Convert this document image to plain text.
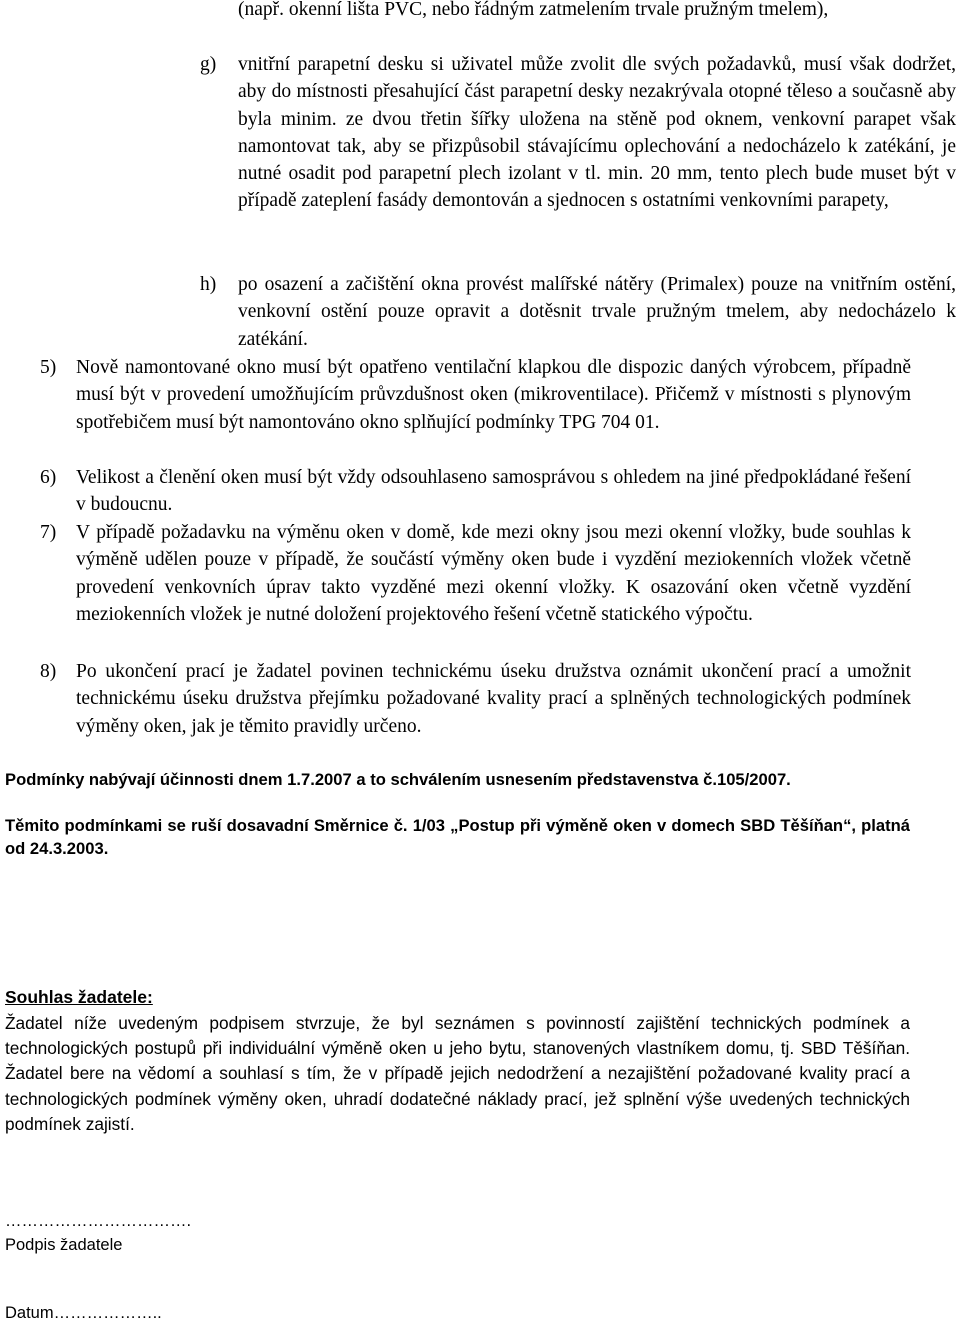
(např. okenní lišta PVC, nebo řádným zatmelením trvale pružným tmelem),
g) vnitřní parapetní desku si uživatel může zvolit dle svých požadavků, musí však dodržet, aby do místnosti přesahující část parapetní desky nezakrývala otopné těleso a současně aby byla minim. ze dvou třetin šířky uložena na stěně pod oknem, venkovní parapet však namontovat tak, aby se přizpůsobil stávajícímu oplechování a nedocházelo k zatékání, je nutné osadit pod parapetní plech izolant v tl. min. 20 mm, tento plech bude muset být v případě zateplení fasády demontován a sjednocen s ostatními venkovními parapety,
h) po osazení a začištění okna provést malířské nátěry (Primalex) pouze na vnitřním ostění, venkovní ostění pouze opravit a dotěsnit trvale pružným tmelem, aby nedocházelo k zatékání.
5) Nově namontované okno musí být opatřeno ventilační klapkou dle dispozic daných výrobcem, případně musí být v provedení umožňujícím průvzdušnost oken (mikroventilace). Přičemž v místnosti s plynovým spotřebičem musí být namontováno okno splňující podmínky TPG 704 01.
6) Velikost a členění oken musí být vždy odsouhlaseno samosprávou s ohledem na jiné předpokládané řešení v budoucnu.
7) V případě požadavku na výměnu oken v domě, kde mezi okny jsou mezi okenní vložky, bude souhlas k výměně udělen pouze v případě, že součástí výměny oken bude i vyzdění meziokenních vložek včetně provedení venkovních úprav takto vyzděné mezi okenní vložky. K osazování oken včetně vyzdění meziokenních vložek je nutné doložení projektového řešení včetně statického výpočtu.
8) Po ukončení prací je žadatel povinen technickému úseku družstva oznámit ukončení prací a umožnit technickému úseku družstva přejímku požadované kvality prací a splněných technologických podmínek výměny oken, jak je těmito pravidly určeno.
Podmínky nabývají účinnosti dnem 1.7.2007 a to schválením usnesením představenstva č.105/2007.
Těmito podmínkami se ruší dosavadní Směrnice č. 1/03 „Postup při výměně oken v domech SBD Těšíňan“, platná od 24.3.2003.
Souhlas žadatele:
Žadatel níže uvedeným podpisem stvrzuje, že byl seznámen s povinností zajištění technických podmínek a technologických postupů při individuální výměně oken u jeho bytu, stanovených vlastníkem domu, tj. SBD Těšíňan. Žadatel bere na vědomí a souhlasí s tím, že v případě jejich nedodržení a nezajištění požadované kvality prací a technologických podmínek výměny oken, uhradí dodatečné náklady prací, jež splnění výše uvedených technických podmínek zajistí.
…………………………….
Podpis žadatele
Datum………………..
